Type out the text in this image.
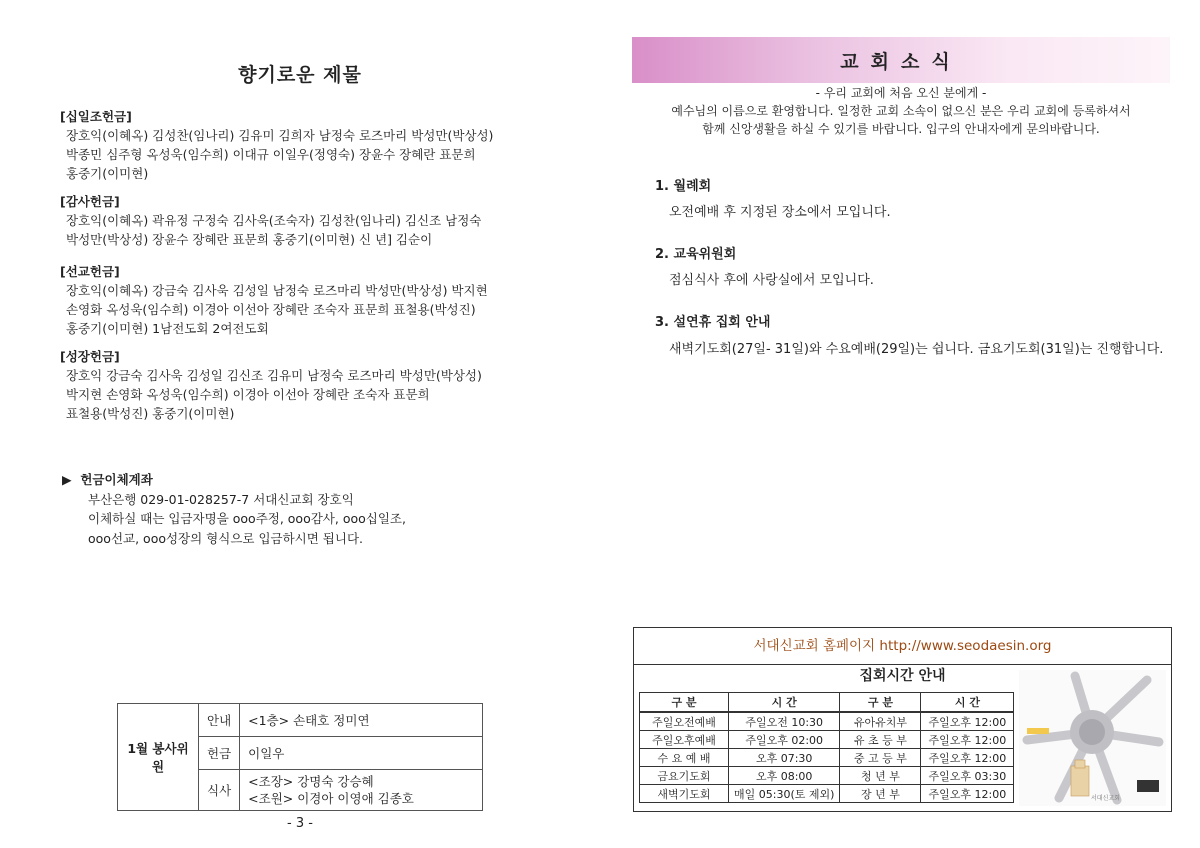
향기로운 제물
[십일조헌금]
장호익(이혜옥) 김성찬(임나리) 김유미 김희자 남정숙 로즈마리 박성만(박상성)
박종민 심주형 옥성욱(임수희) 이대규 이일우(정영숙) 장윤수 장혜란 표문희
홍중기(이미현)
[감사헌금]
장호익(이혜옥) 곽유정 구정숙 김사욱(조숙자) 김성찬(임나리) 김신조 남정숙
박성만(박상성) 장윤수 장혜란 표문희 홍중기(이미현) 신 년] 김순이
[선교헌금]
장호익(이혜옥) 강금숙 김사욱 김성일 남정숙 로즈마리 박성만(박상성) 박지현
손영화 옥성욱(임수희) 이경아 이선아 장혜란 조숙자 표문희 표철용(박성진)
홍중기(이미현) 1남전도회 2여전도회
[성장헌금]
장호익 강금숙 김사욱 김성일 김신조 김유미 남정숙 로즈마리 박성만(박상성)
박지현 손영화 옥성욱(임수희) 이경아 이선아 장혜란 조숙자 표문희
표철용(박성진) 홍중기(이미현)
▶ 헌금이체계좌
부산은행 029-01-028257-7 서대신교회 장호익
이체하실 때는 입금자명을 ooo주정, ooo감사, ooo십일조,
ooo선교, ooo성장의 형식으로 입금하시면 됩니다.
1월 봉사위원	안내	<1층> 손태호 정미연
	헌금	이일우
	식사	<조장> 강명숙 강승혜
<조원> 이경아 이영애 김종호
- 3 -
교회소식
- 우리 교회에 처음 오신 분에게 -
예수님의 이름으로 환영합니다. 일정한 교회 소속이 없으신 분은 우리 교회에 등록하셔서
함께 신앙생활을 하실 수 있기를 바랍니다. 입구의 안내자에게 문의바랍니다.
1. 월례회
오전예배 후 지정된 장소에서 모입니다.
2. 교육위원회
점심식사 후에 사랑실에서 모입니다.
3. 설연휴 집회 안내
새벽기도회(27일- 31일)와 수요예배(29일)는 쉽니다. 금요기도회(31일)는 진행합니다.
서대신교회 홈페이지 http://www.seodaesin.org
집회시간 안내
구 분	시 간	구 분	시 간
주일오전예배	주일오전 10:30	유아유치부	주일오후 12:00
주일오후예배	주일오후 02:00	유 초 등 부	주일오후 12:00
수 요 예 배	오후 07:30	중 고 등 부	주일오후 12:00
금요기도회	오후 08:00	청 년 부	주일오후 03:30
새벽기도회	매일 05:30(토 제외)	장 년 부	주일오후 12:00	서대신교회
